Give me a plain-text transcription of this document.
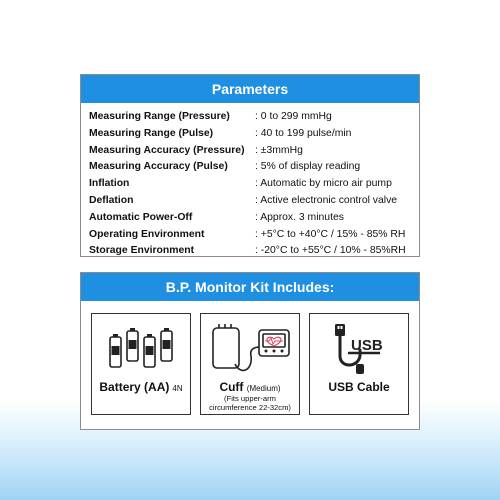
Parameters
Measuring Range (Pressure)	: 0 to 299 mmHg
Measuring Range (Pulse)	: 40 to 199 pulse/min
Measuring Accuracy (Pressure)	: ±3mmHg
Measuring Accuracy (Pulse)	: 5% of display reading
Inflation	: Automatic by micro air pump
Deflation	: Active electronic control valve
Automatic Power-Off	: Approx. 3 minutes
Operating Environment	: +5°C to +40°C / 15% - 85% RH
Storage Environment	: -20°C to +55°C / 10% - 85%RH
B.P. Monitor Kit Includes:
Battery (AA) 4N	Cuff (Medium)
(Fits upper-arm circumference 22-32cm)
USB
USB Cable
